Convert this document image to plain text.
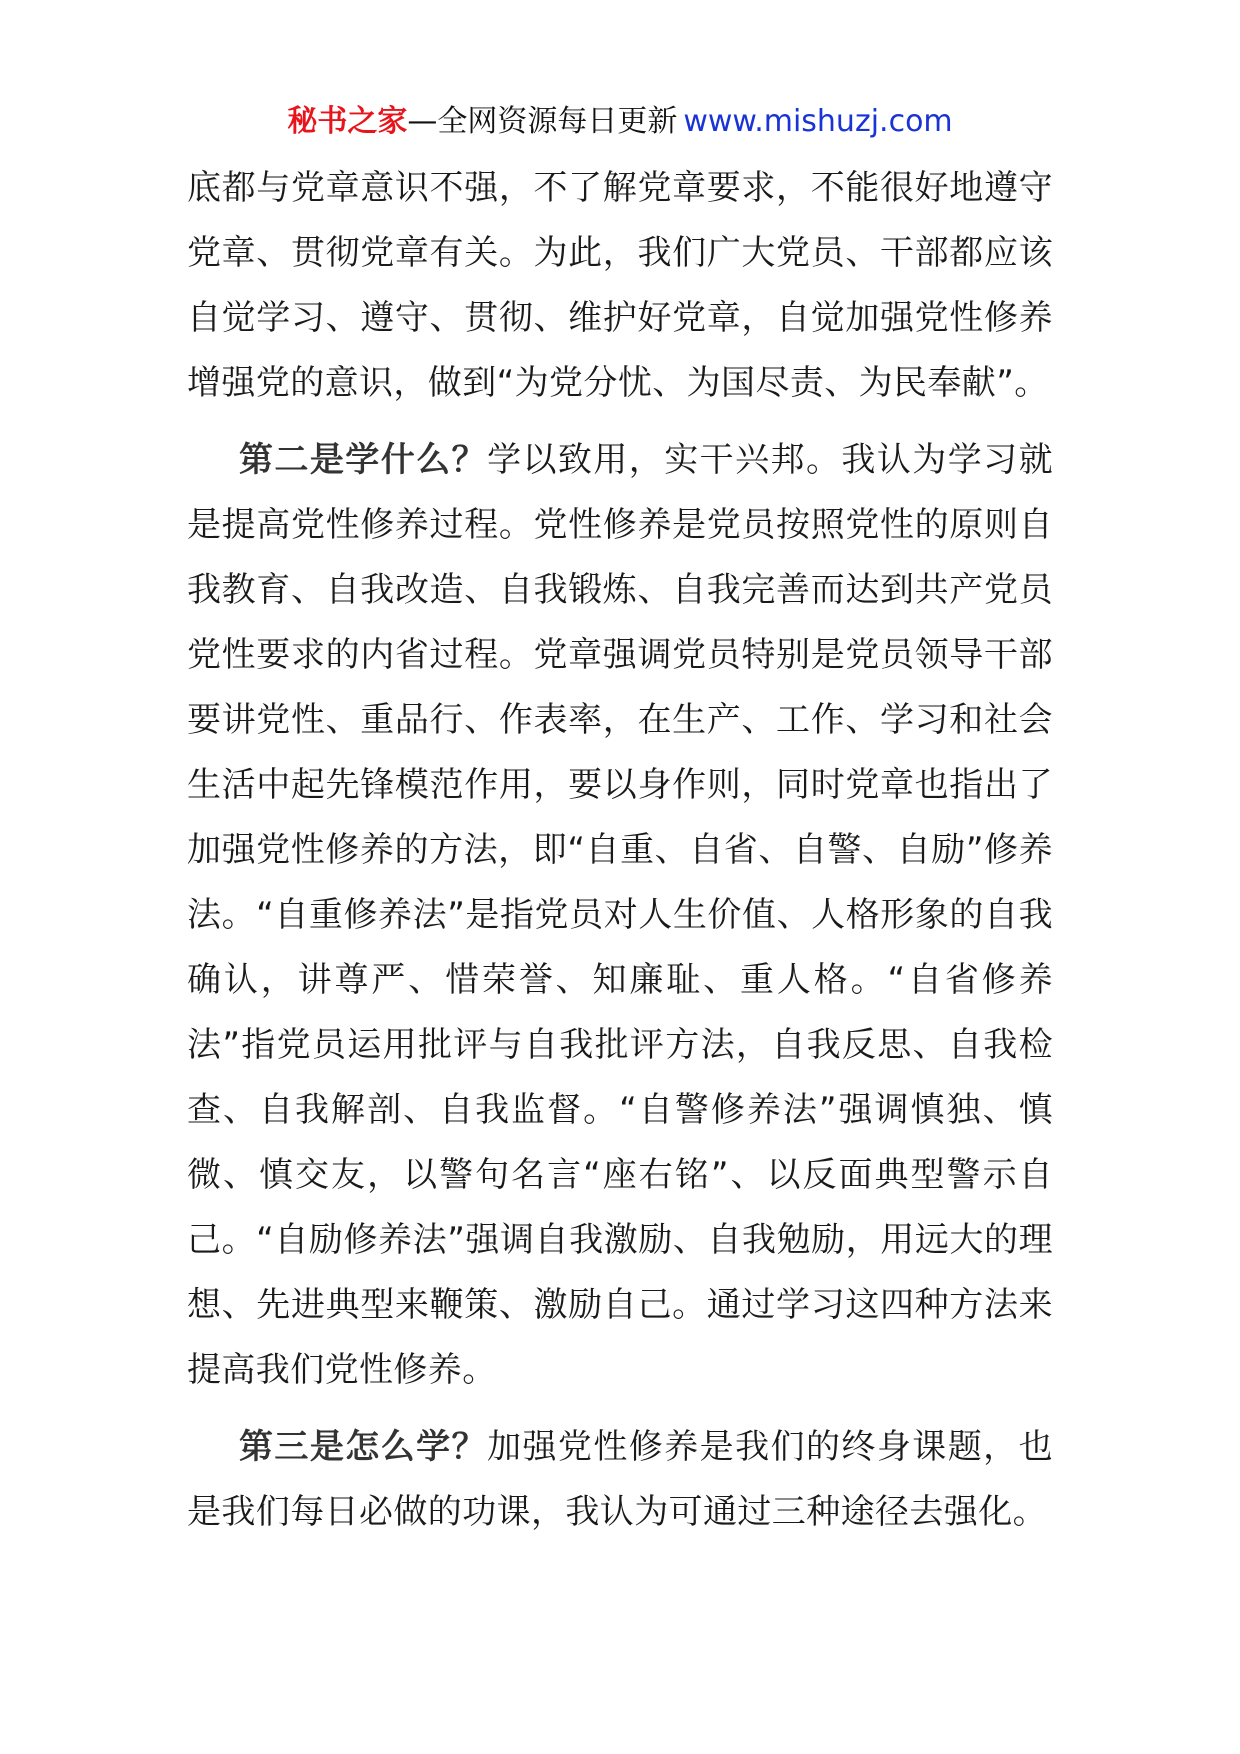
秘书之家—全网资源每日更新 www.mishuzj.com

底都与党章意识不强，不了解党章要求，不能很好地遵守党章、贯彻党章有关。为此，我们广大党员、干部都应该自觉学习、遵守、贯彻、维护好党章，自觉加强党性修养增强党的意识，做到“为党分忧、为国尽责、为民奉献”。

第二是学什么？学以致用，实干兴邦。我认为学习就是提高党性修养过程。党性修养是党员按照党性的原则自我教育、自我改造、自我锻炼、自我完善而达到共产党员党性要求的内省过程。党章强调党员特别是党员领导干部要讲党性、重品行、作表率，在生产、工作、学习和社会生活中起先锋模范作用，要以身作则，同时党章也指出了加强党性修养的方法，即“自重、自省、自警、自励”修养法。“自重修养法”是指党员对人生价值、人格形象的自我确认，讲尊严、惜荣誉、知廉耻、重人格。“自省修养法”指党员运用批评与自我批评方法，自我反思、自我检查、自我解剖、自我监督。“自警修养法”强调慎独、慎微、慎交友，以警句名言“座右铭”、以反面典型警示自己。“自励修养法”强调自我激励、自我勉励，用远大的理想、先进典型来鞭策、激励自己。通过学习这四种方法来提高我们党性修养。

第三是怎么学？加强党性修养是我们的终身课题，也是我们每日必做的功课，我认为可通过三种途径去强化。
